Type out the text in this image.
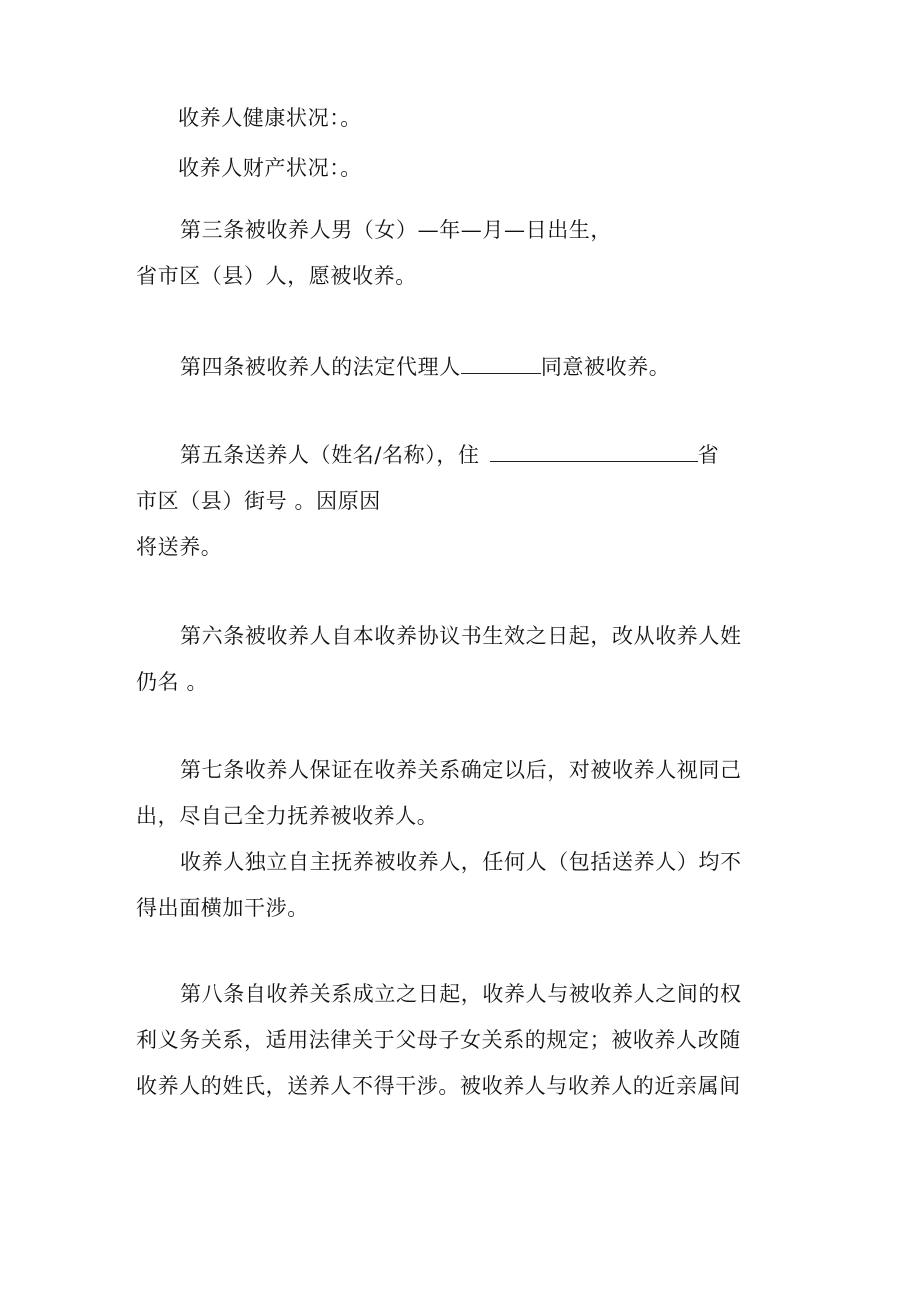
收养人健康状况：。
收养人财产状况：。
第三条被收养人男（女）—年—月—日出生，
省市区（县）人，愿被收养。
第四条被收养人的法定代理人	同意被收养。
第五条送养人（姓名/名称），住	省
市区（县）街号 。因原因
将送养。
第六条被收养人自本收养协议书生效之日起，改从收养人姓
仍名 。
第七条收养人保证在收养关系确定以后，对被收养人视同己
出，尽自己全力抚养被收养人。
收养人独立自主抚养被收养人，任何人（包括送养人）均不
得出面横加干涉。
第八条自收养关系成立之日起，收养人与被收养人之间的权
利义务关系，适用法律关于父母子女关系的规定；被收养人改随
收养人的姓氏，送养人不得干涉。被收养人与收养人的近亲属间
